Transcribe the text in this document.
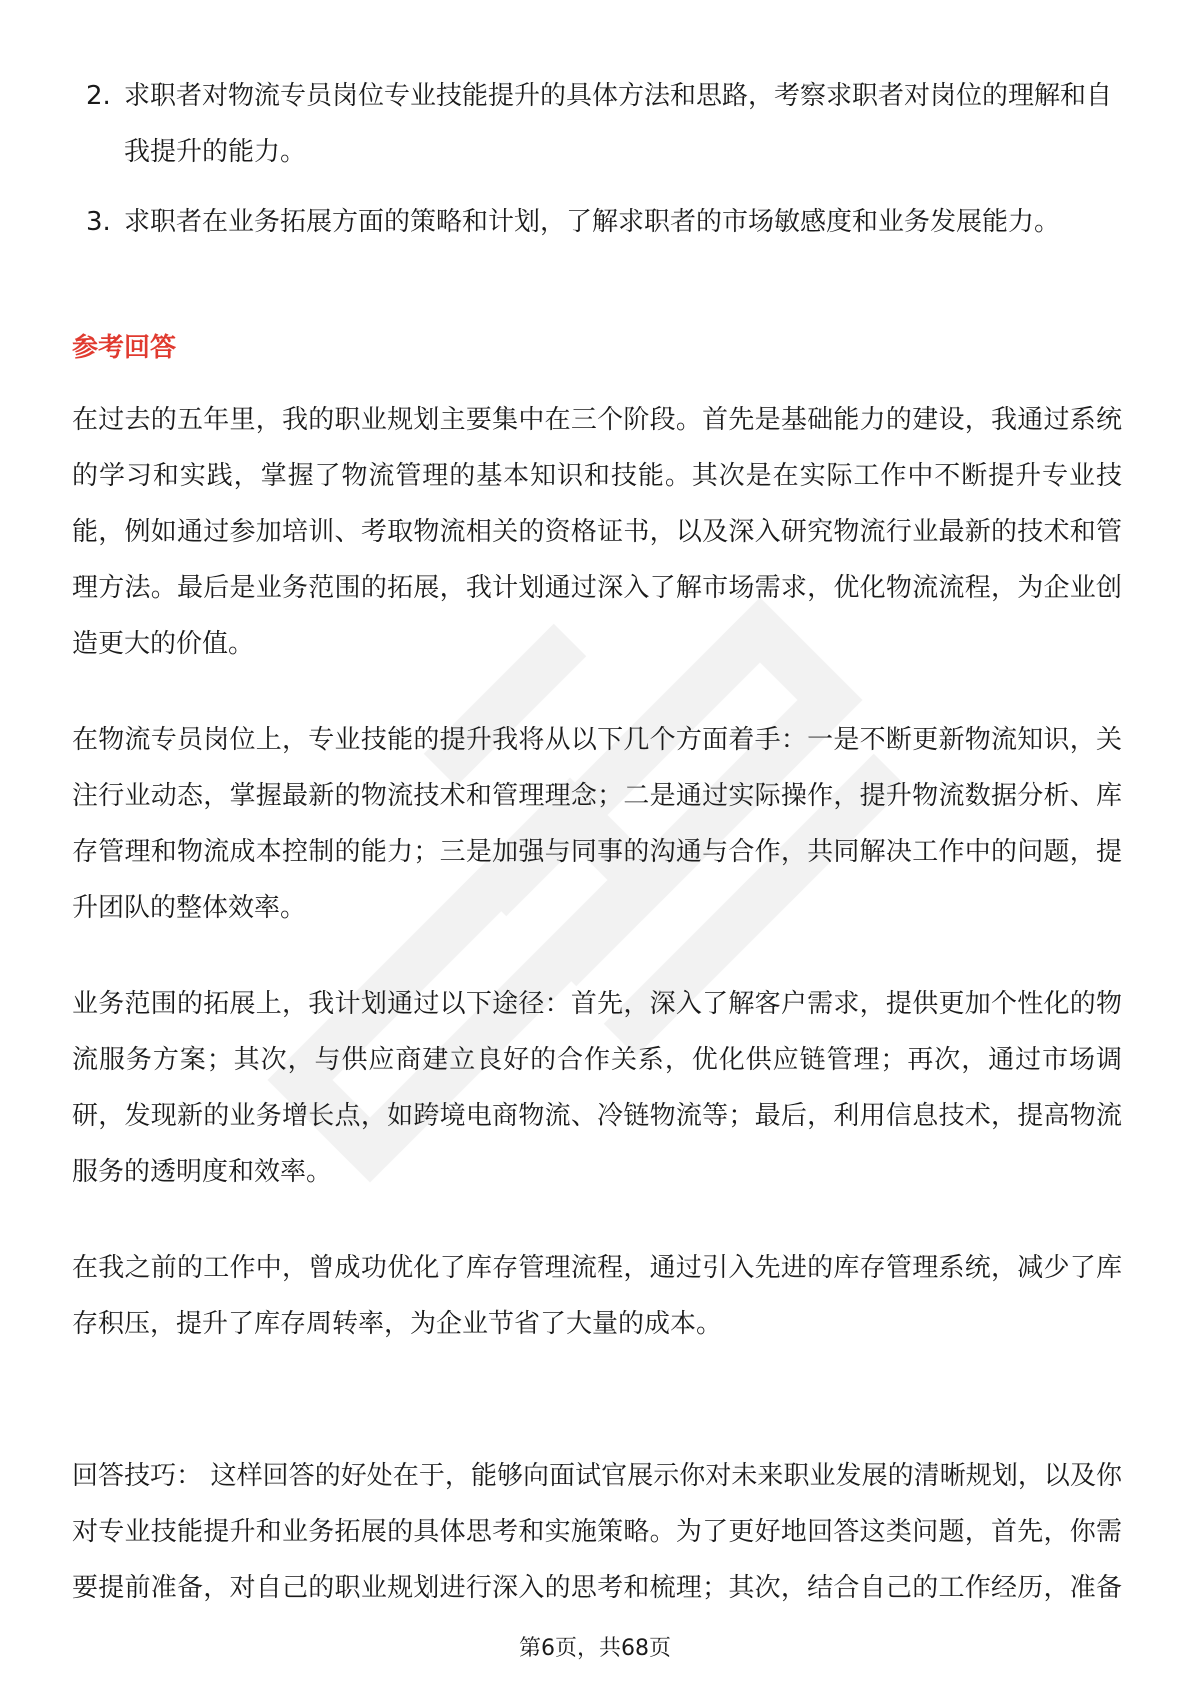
2. 求职者对物流专员岗位专业技能提升的具体方法和思路，考察求职者对岗位的理解和自我提升的能力。
3. 求职者在业务拓展方面的策略和计划，了解求职者的市场敏感度和业务发展能力。
参考回答

在过去的五年里，我的职业规划主要集中在三个阶段。首先是基础能力的建设，我通过系统的学习和实践，掌握了物流管理的基本知识和技能。其次是在实际工作中不断提升专业技能，例如通过参加培训、考取物流相关的资格证书，以及深入研究物流行业最新的技术和管理方法。最后是业务范围的拓展，我计划通过深入了解市场需求，优化物流流程，为企业创造更大的价值。

在物流专员岗位上，专业技能的提升我将从以下几个方面着手：一是不断更新物流知识，关注行业动态，掌握最新的物流技术和管理理念；二是通过实际操作，提升物流数据分析、库存管理和物流成本控制的能力；三是加强与同事的沟通与合作，共同解决工作中的问题，提升团队的整体效率。

业务范围的拓展上，我计划通过以下途径：首先，深入了解客户需求，提供更加个性化的物流服务方案；其次，与供应商建立良好的合作关系，优化供应链管理；再次，通过市场调研，发现新的业务增长点，如跨境电商物流、冷链物流等；最后，利用信息技术，提高物流服务的透明度和效率。

在我之前的工作中，曾成功优化了库存管理流程，通过引入先进的库存管理系统，减少了库存积压，提升了库存周转率，为企业节省了大量的成本。

回答技巧： 这样回答的好处在于，能够向面试官展示你对未来职业发展的清晰规划，以及你对专业技能提升和业务拓展的具体思考和实施策略。为了更好地回答这类问题，首先，你需要提前准备，对自己的职业规划进行深入的思考和梳理；其次，结合自己的工作经历，准备

第6页，共68页
